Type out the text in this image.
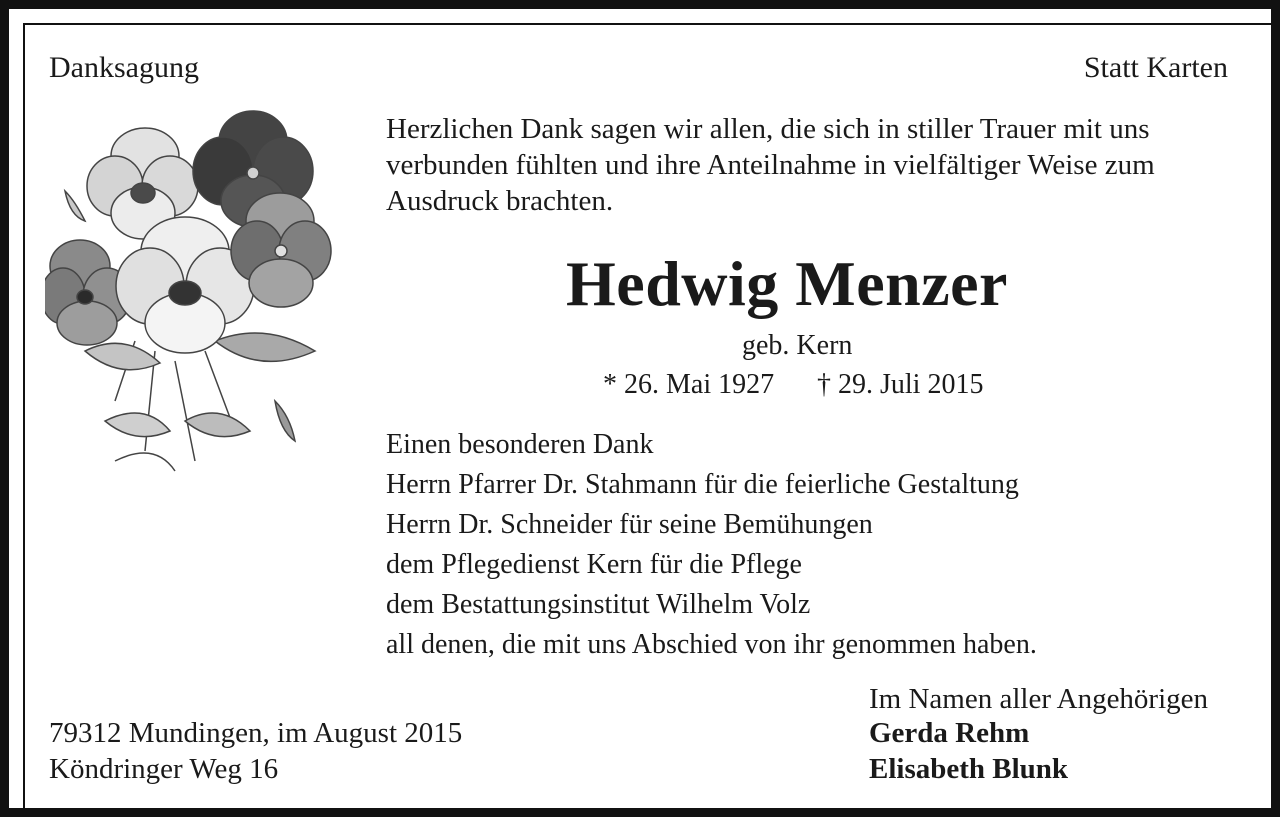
Danksagung	Statt Karten
Herzlichen Dank sagen wir allen, die sich in stiller Trauer mit uns
verbunden fühlten und ihre Anteilnahme in vielfältiger Weise zum
Ausdruck brachten.
Hedwig Menzer
geb. Kern
* 26. Mai 1927 † 29. Juli 2015
Einen besonderen Dank
Herrn Pfarrer Dr. Stahmann für die feierliche Gestaltung
Herrn Dr. Schneider für seine Bemühungen
dem Pflegedienst Kern für die Pflege
dem Bestattungsinstitut Wilhelm Volz
all denen, die mit uns Abschied von ihr genommen haben.
79312 Mundingen, im August 2015
Köndringer Weg 16
Im Namen aller Angehörigen
Gerda Rehm
Elisabeth Blunk
